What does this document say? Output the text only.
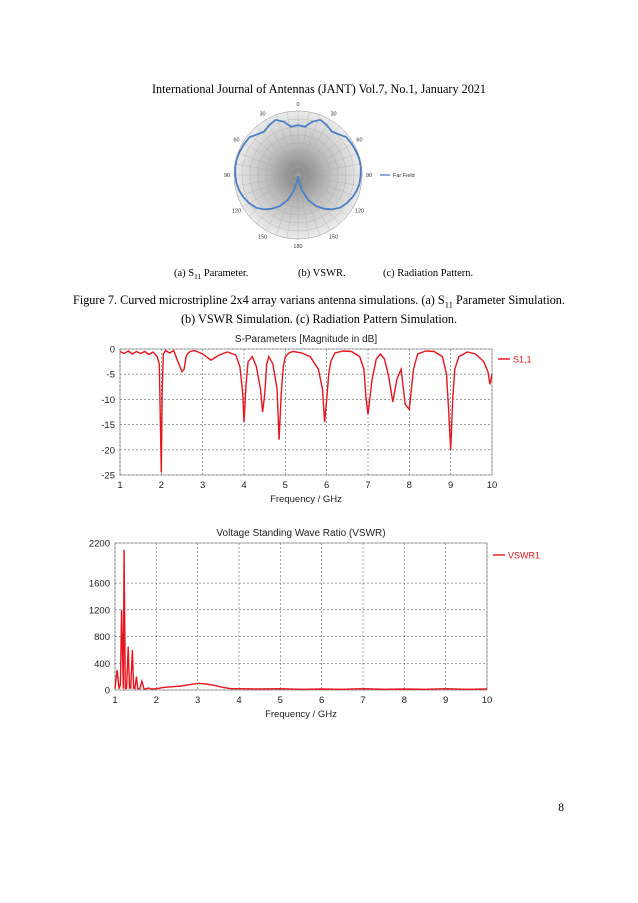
International Journal of Antennas (JANT) Vol.7, No.1, January 2021
0
30
60
90
120
150
180
150
120
90
60
30
Far Field
(a) $S_{11}$ Parameter.	(b) VSWR.	(c) Radiation Pattern.
Figure 7. Curved microstripline 2x4 array varians antenna simulations. (a) $S_{11}$ Parameter Simulation.
(b) VSWR Simulation. (c) Radiation Pattern Simulation.
S-Parameters [Magnitude in dB]
1	2	3	4	5	6	7	8	9	10
0
-5
-10
-15
-20
-25
Frequency / GHz
S1,1
Voltage Standing Wave Ratio (VSWR)
1	2	3	4	5	6	7	8	9	10
2200
1600
1200
800
400
0
Frequency / GHz
VSWR1
8
